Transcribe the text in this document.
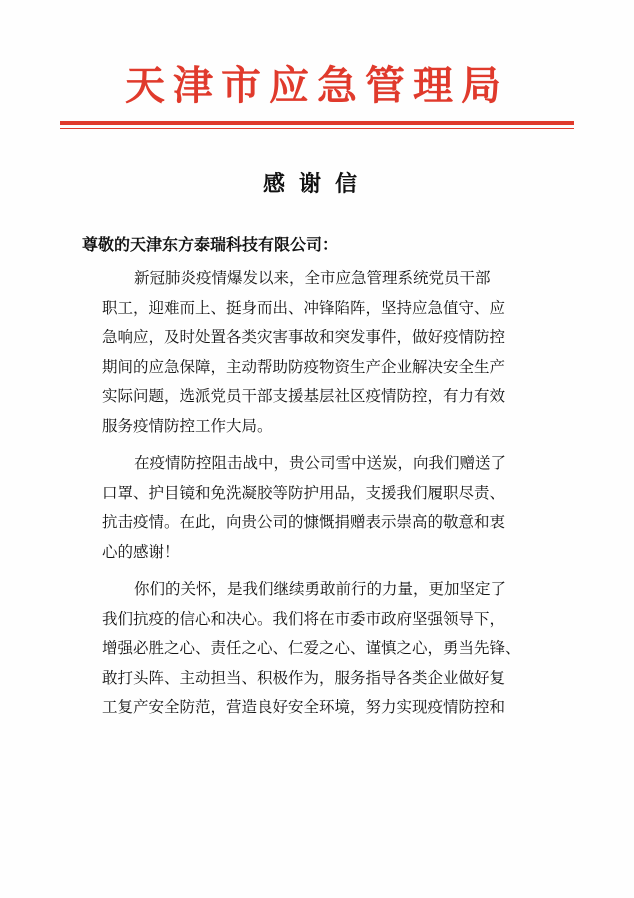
天津市应急管理局
感谢信
尊敬的天津东方泰瑞科技有限公司：
新冠肺炎疫情爆发以来，全市应急管理系统党员干部
职工，迎难而上、挺身而出、冲锋陷阵，坚持应急值守、应
急响应，及时处置各类灾害事故和突发事件，做好疫情防控
期间的应急保障，主动帮助防疫物资生产企业解决安全生产
实际问题，选派党员干部支援基层社区疫情防控，有力有效
服务疫情防控工作大局。
在疫情防控阻击战中，贵公司雪中送炭，向我们赠送了
口罩、护目镜和免洗凝胶等防护用品，支援我们履职尽责、
抗击疫情。在此，向贵公司的慷慨捐赠表示崇高的敬意和衷
心的感谢！
你们的关怀，是我们继续勇敢前行的力量，更加坚定了
我们抗疫的信心和决心。我们将在市委市政府坚强领导下，
增强必胜之心、责任之心、仁爱之心、谨慎之心，勇当先锋、
敢打头阵、主动担当、积极作为，服务指导各类企业做好复
工复产安全防范，营造良好安全环境，努力实现疫情防控和
